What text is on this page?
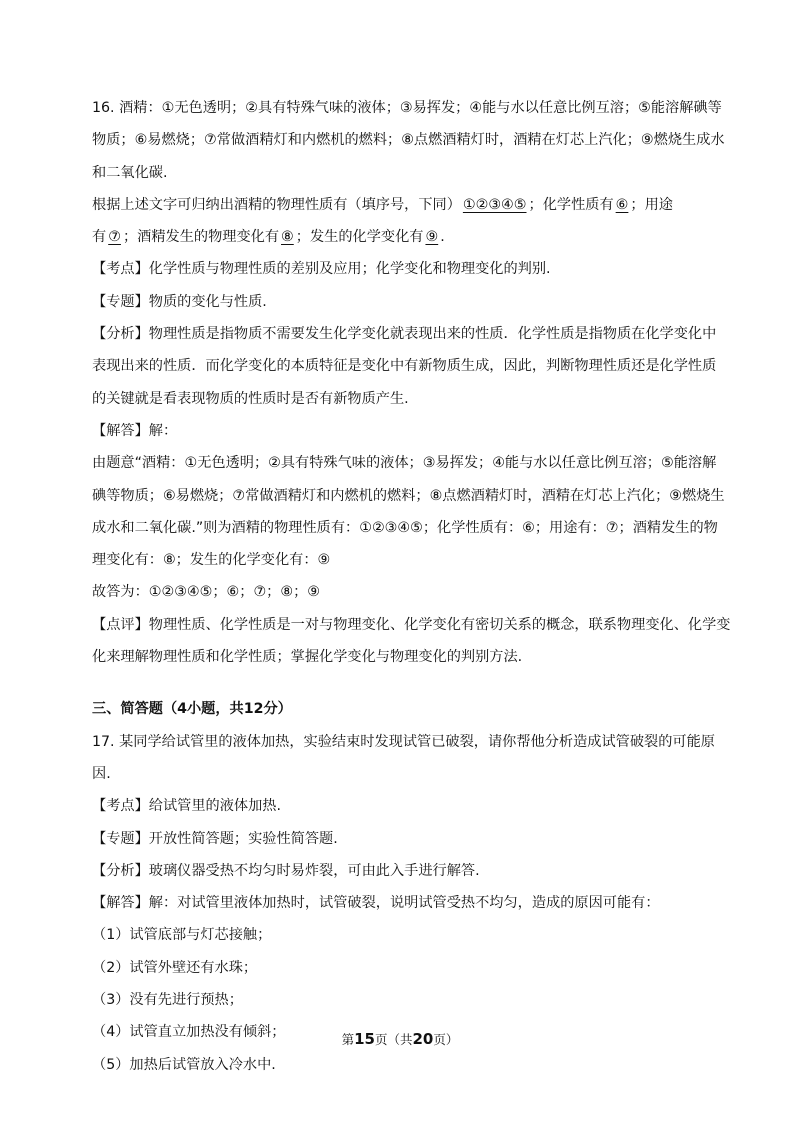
16. 酒精：①无色透明；②具有特殊气味的液体；③易挥发；④能与水以任意比例互溶；⑤能溶解碘等
物质；⑥易燃烧；⑦常做酒精灯和内燃机的燃料；⑧点燃酒精灯时，酒精在灯芯上汽化；⑨燃烧生成水
和二氧化碳.
根据上述文字可归纳出酒精的物理性质有（填序号，下同） ①②③④⑤ ；化学性质有 ⑥ ；用途
有 ⑦ ；酒精发生的物理变化有 ⑧ ；发生的化学变化有 ⑨ .
【考点】化学性质与物理性质的差别及应用；化学变化和物理变化的判别.
【专题】物质的变化与性质.
【分析】物理性质是指物质不需要发生化学变化就表现出来的性质．化学性质是指物质在化学变化中
表现出来的性质．而化学变化的本质特征是变化中有新物质生成，因此，判断物理性质还是化学性质
的关键就是看表现物质的性质时是否有新物质产生.
【解答】解：
由题意“酒精：①无色透明；②具有特殊气味的液体；③易挥发；④能与水以任意比例互溶；⑤能溶解
碘等物质；⑥易燃烧；⑦常做酒精灯和内燃机的燃料；⑧点燃酒精灯时，酒精在灯芯上汽化；⑨燃烧生
成水和二氧化碳.”则为酒精的物理性质有：①②③④⑤；化学性质有：⑥；用途有：⑦；酒精发生的物
理变化有：⑧；发生的化学变化有：⑨
故答为：①②③④⑤；⑥；⑦；⑧；⑨
【点评】物理性质、化学性质是一对与物理变化、化学变化有密切关系的概念，联系物理变化、化学变
化来理解物理性质和化学性质；掌握化学变化与物理变化的判别方法.
三、简答题（4小题，共12分）
17. 某同学给试管里的液体加热，实验结束时发现试管已破裂，请你帮他分析造成试管破裂的可能原
因.
【考点】给试管里的液体加热.
【专题】开放性简答题；实验性简答题.
【分析】玻璃仪器受热不均匀时易炸裂，可由此入手进行解答.
【解答】解：对试管里液体加热时，试管破裂，说明试管受热不均匀，造成的原因可能有：
（1）试管底部与灯芯接触；
（2）试管外壁还有水珠；
（3）没有先进行预热；
（4）试管直立加热没有倾斜；
（5）加热后试管放入冷水中.
第15页（共20页）
